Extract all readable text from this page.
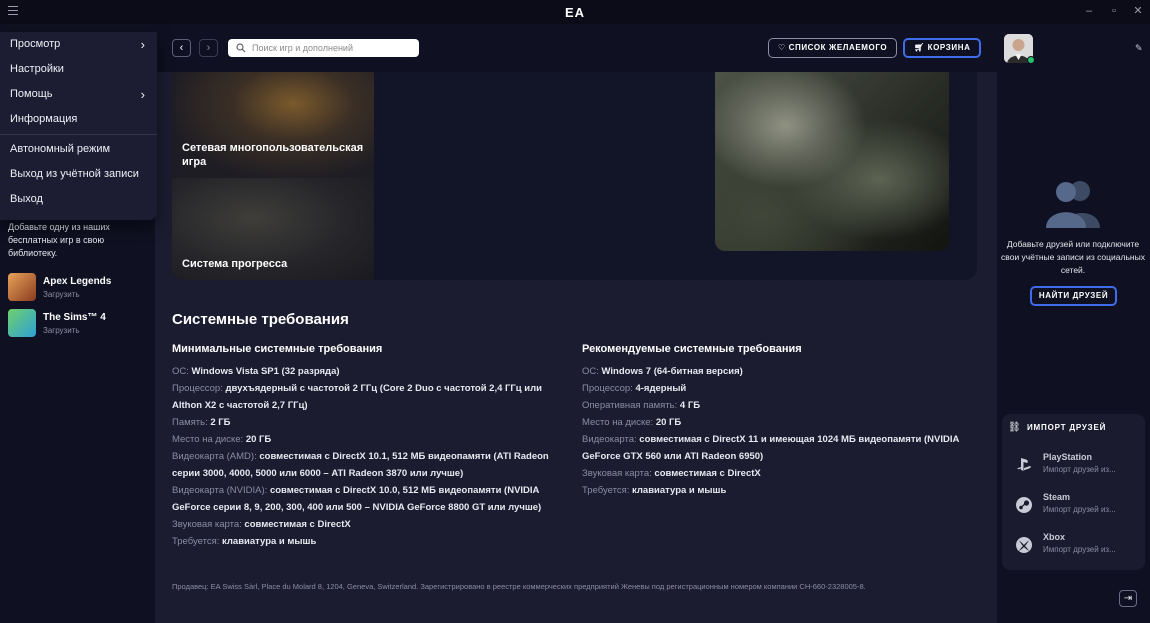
EA	–	▫	✕
Просмотр	›
Настройки
Помощь	›
Информация
Автономный режим
Выход из учётной записи
Выход
Добавьте одну из наших бесплатных игр в свою библиотеку.
Apex Legends
Загрузить
The Sims™ 4
Загрузить
Сетевая многопользовательская игра
Система прогресса
Системные требования
Минимальные системные требования
ОС: Windows Vista SP1 (32 разряда)
Процессор: двухъядерный с частотой 2 ГГц (Core 2 Duo с частотой 2,4 ГГц или Althon X2 с частотой 2,7 ГГц)
Память: 2 ГБ
Место на диске: 20 ГБ
Видеокарта (AMD): совместимая с DirectX 10.1, 512 МБ видеопамяти (ATI Radeon серии 3000, 4000, 5000 или 6000 – ATI Radeon 3870 или лучше)
Видеокарта (NVIDIA): совместимая с DirectX 10.0, 512 МБ видеопамяти (NVIDIA GeForce серии 8, 9, 200, 300, 400 или 500 – NVIDIA GeForce 8800 GT или лучше)
Звуковая карта: совместимая с DirectX
Требуется: клавиатура и мышь
Рекомендуемые системные требования
ОС: Windows 7 (64-битная версия)
Процессор: 4-ядерный
Оперативная память: 4 ГБ
Место на диске: 20 ГБ
Видеокарта: совместимая с DirectX 11 и имеющая 1024 МБ видеопамяти (NVIDIA GeForce GTX 560 или ATI Radeon 6950)
Звуковая карта: совместимая с DirectX
Требуется: клавиатура и мышь
Продавец: EA Swiss Sàrl, Place du Molard 8, 1204, Geneva, Switzerland. Зарегистрировано в реестре коммерческих предприятий Женевы под регистрационным номером компании CH-660-2328005-8.
‹	›
Поиск игр и дополнений	♡ СПИСОК ЖЕЛАЕМОГО	🛒︎ КОРЗИНА	✎
Добавьте друзей или подключите свои учётные записи из социальных сетей.
НАЙТИ ДРУЗЕЙ
⛓ ИМПОРТ ДРУЗЕЙ
PlayStation
Импорт друзей из...
Steam
Импорт друзей из...
Xbox
Импорт друзей из...
⇥
